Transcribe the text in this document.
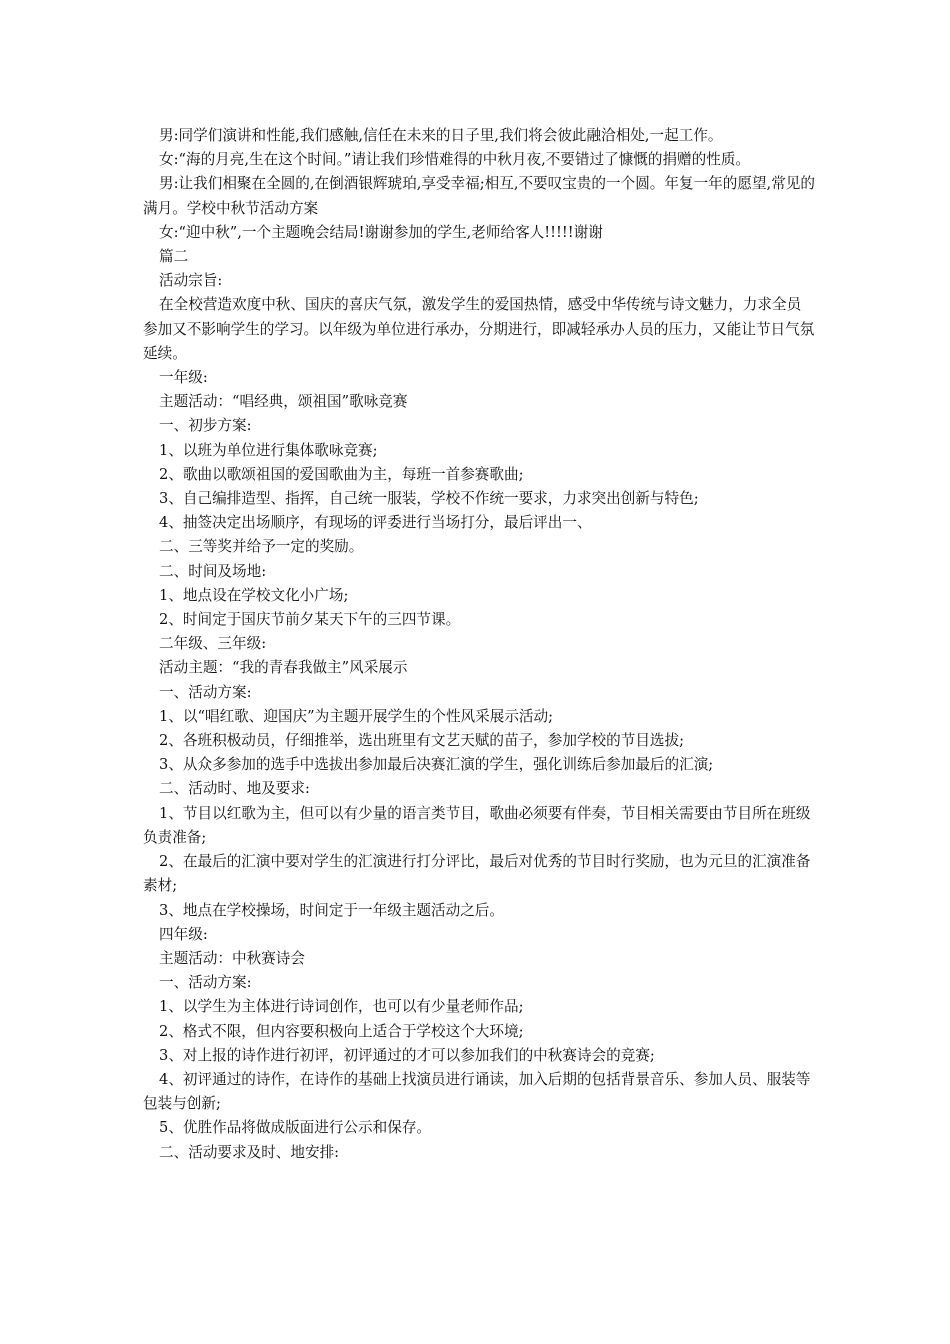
男:同学们演讲和性能,我们感触,信任在未来的日子里,我们将会彼此融洽相处,一起工作。

女:“海的月亮,生在这个时间。”请让我们珍惜难得的中秋月夜,不要错过了慷慨的捐赠的性质。

男:让我们相聚在全圆的,在倒酒银辉琥珀,享受幸福;相互,不要叹宝贵的一个圆。年复一年的愿望,常见的满月。学校中秋节活动方案

女:“迎中秋”,一个主题晚会结局!谢谢参加的学生,老师给客人!!!!!谢谢

篇二

活动宗旨:

在全校营造欢度中秋、国庆的喜庆气氛，激发学生的爱国热情，感受中华传统与诗文魅力，力求全员参加又不影响学生的学习。以年级为单位进行承办，分期进行，即减轻承办人员的压力，又能让节日气氛延续。

一年级:

主题活动：“唱经典，颂祖国”歌咏竞赛

一、初步方案:

1、以班为单位进行集体歌咏竞赛;

2、歌曲以歌颂祖国的爱国歌曲为主，每班一首参赛歌曲;

3、自己编排造型、指挥，自己统一服装，学校不作统一要求，力求突出创新与特色;

4、抽签决定出场顺序，有现场的评委进行当场打分，最后评出一、

二、三等奖并给予一定的奖励。

二、时间及场地:

1、地点设在学校文化小广场;

2、时间定于国庆节前夕某天下午的三四节课。

二年级、三年级:

活动主题：“我的青春我做主”风采展示

一、活动方案:

1、以“唱红歌、迎国庆”为主题开展学生的个性风采展示活动;

2、各班积极动员，仔细推举，选出班里有文艺天赋的苗子，参加学校的节目选拔;

3、从众多参加的选手中选拔出参加最后决赛汇演的学生，强化训练后参加最后的汇演;

二、活动时、地及要求:

1、节目以红歌为主，但可以有少量的语言类节目，歌曲必须要有伴奏，节目相关需要由节目所在班级负责准备;

2、在最后的汇演中要对学生的汇演进行打分评比，最后对优秀的节目时行奖励，也为元旦的汇演准备素材;

3、地点在学校操场，时间定于一年级主题活动之后。

四年级:

主题活动：中秋赛诗会

一、活动方案:

1、以学生为主体进行诗词创作，也可以有少量老师作品;

2、格式不限，但内容要积极向上适合于学校这个大环境;

3、对上报的诗作进行初评，初评通过的才可以参加我们的中秋赛诗会的竞赛;

4、初评通过的诗作，在诗作的基础上找演员进行诵读，加入后期的包括背景音乐、参加人员、服装等包装与创新;

5、优胜作品将做成版面进行公示和保存。

二、活动要求及时、地安排:
